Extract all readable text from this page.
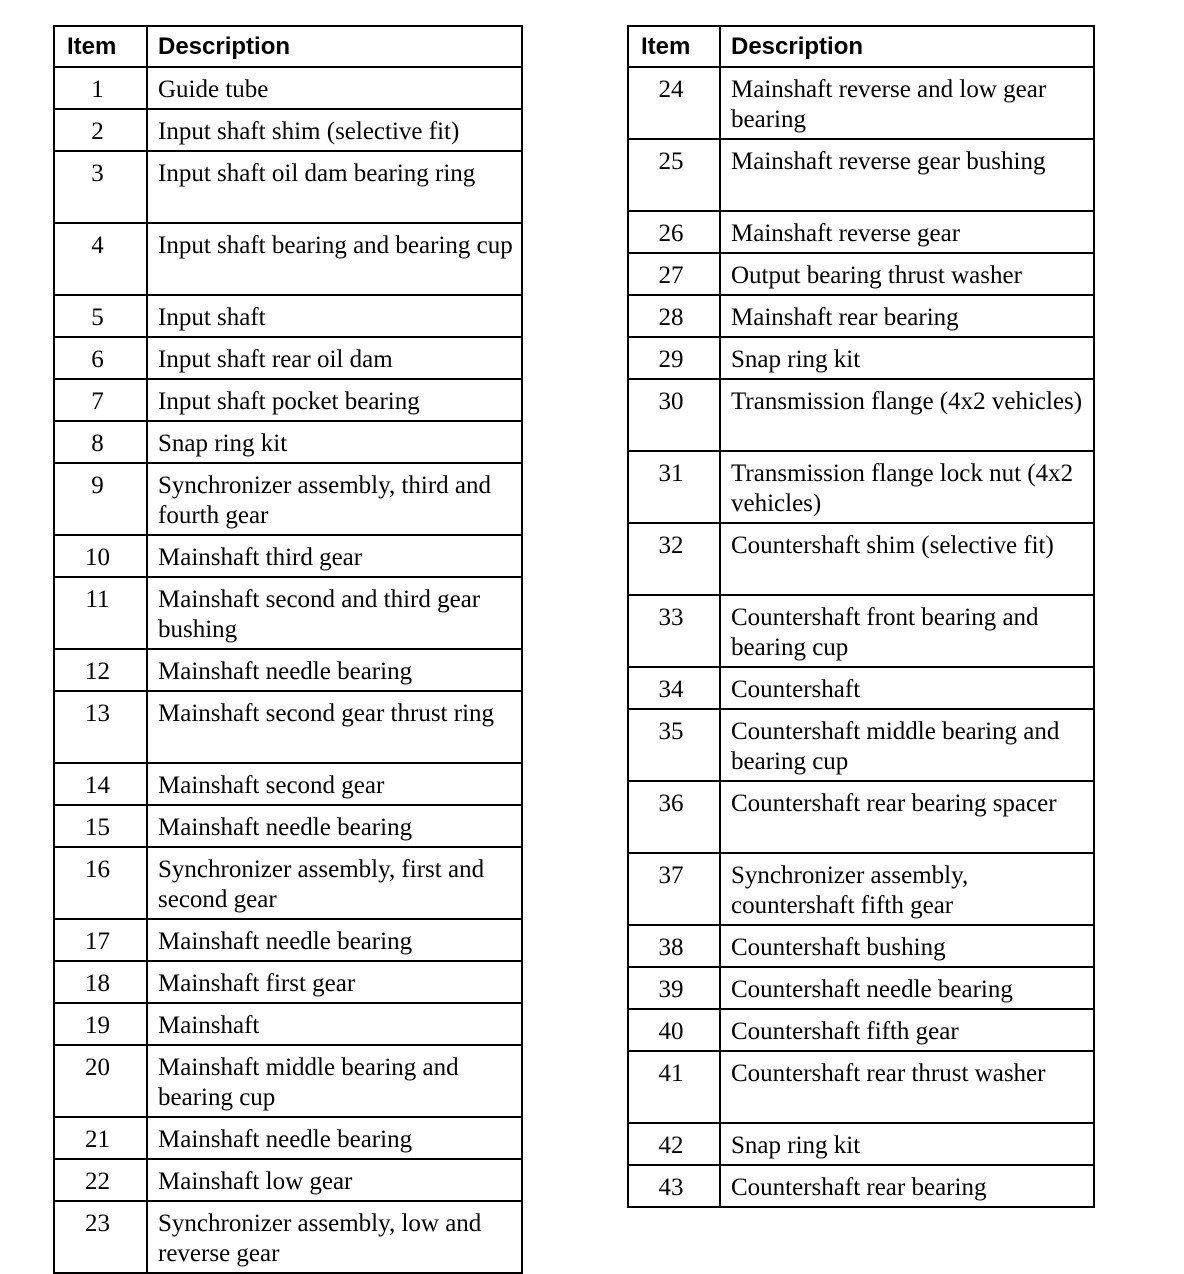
Item	Description
1	Guide tube
2	Input shaft shim (selective fit)
3	Input shaft oil dam bearing ring
4	Input shaft bearing and bearing cup
5	Input shaft
6	Input shaft rear oil dam
7	Input shaft pocket bearing
8	Snap ring kit
9	Synchronizer assembly, third and fourth gear
10	Mainshaft third gear
11	Mainshaft second and third gear bushing
12	Mainshaft needle bearing
13	Mainshaft second gear thrust ring
14	Mainshaft second gear
15	Mainshaft needle bearing
16	Synchronizer assembly, first and second gear
17	Mainshaft needle bearing
18	Mainshaft first gear
19	Mainshaft
20	Mainshaft middle bearing and bearing cup
21	Mainshaft needle bearing
22	Mainshaft low gear
23	Synchronizer assembly, low and reverse gear
Item	Description
24	Mainshaft reverse and low gear bearing
25	Mainshaft reverse gear bushing
26	Mainshaft reverse gear
27	Output bearing thrust washer
28	Mainshaft rear bearing
29	Snap ring kit
30	Transmission flange (4x2 vehicles)
31	Transmission flange lock nut (4x2 vehicles)
32	Countershaft shim (selective fit)
33	Countershaft front bearing and bearing cup
34	Countershaft
35	Countershaft middle bearing and bearing cup
36	Countershaft rear bearing spacer
37	Synchronizer assembly, countershaft fifth gear
38	Countershaft bushing
39	Countershaft needle bearing
40	Countershaft fifth gear
41	Countershaft rear thrust washer
42	Snap ring kit
43	Countershaft rear bearing
